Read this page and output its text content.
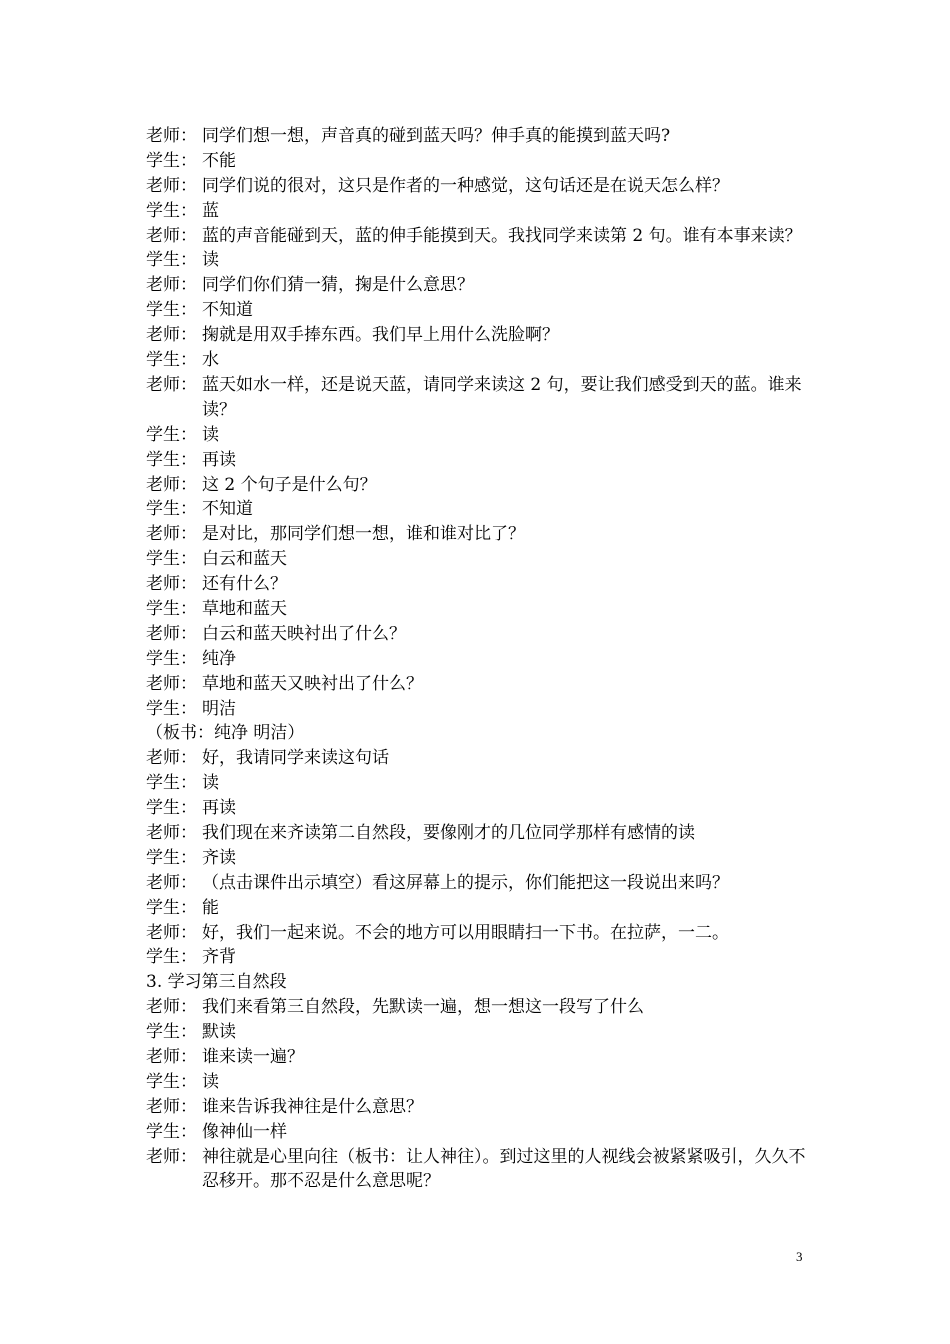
老师： 同学们想一想，声音真的碰到蓝天吗？伸手真的能摸到蓝天吗?
学生： 不能
老师： 同学们说的很对，这只是作者的一种感觉，这句话还是在说天怎么样？
学生： 蓝
老师： 蓝的声音能碰到天，蓝的伸手能摸到天。我找同学来读第 2 句。谁有本事来读？
学生： 读
老师： 同学们你们猜一猜，掬是什么意思？
学生： 不知道
老师： 掬就是用双手捧东西。我们早上用什么洗脸啊？
学生： 水
老师： 蓝天如水一样，还是说天蓝，请同学来读这 2 句，要让我们感受到天的蓝。谁来读？
学生： 读
学生： 再读
老师： 这 2 个句子是什么句？
学生： 不知道
老师： 是对比，那同学们想一想，谁和谁对比了？
学生： 白云和蓝天
老师： 还有什么？
学生： 草地和蓝天
老师： 白云和蓝天映衬出了什么？
学生： 纯净
老师： 草地和蓝天又映衬出了什么？
学生： 明洁
（板书：纯净 明洁）
老师： 好，我请同学来读这句话
学生： 读
学生： 再读
老师： 我们现在来齐读第二自然段，要像刚才的几位同学那样有感情的读
学生： 齐读
老师： （点击课件出示填空）看这屏幕上的提示，你们能把这一段说出来吗？
学生： 能
老师： 好，我们一起来说。不会的地方可以用眼睛扫一下书。在拉萨，一二。
学生： 齐背
3. 学习第三自然段
老师： 我们来看第三自然段，先默读一遍，想一想这一段写了什么
学生： 默读
老师： 谁来读一遍？
学生： 读
老师： 谁来告诉我神往是什么意思？
学生： 像神仙一样
老师： 神往就是心里向往（板书：让人神往）。到过这里的人视线会被紧紧吸引，久久不忍移开。那不忍是什么意思呢？
3
